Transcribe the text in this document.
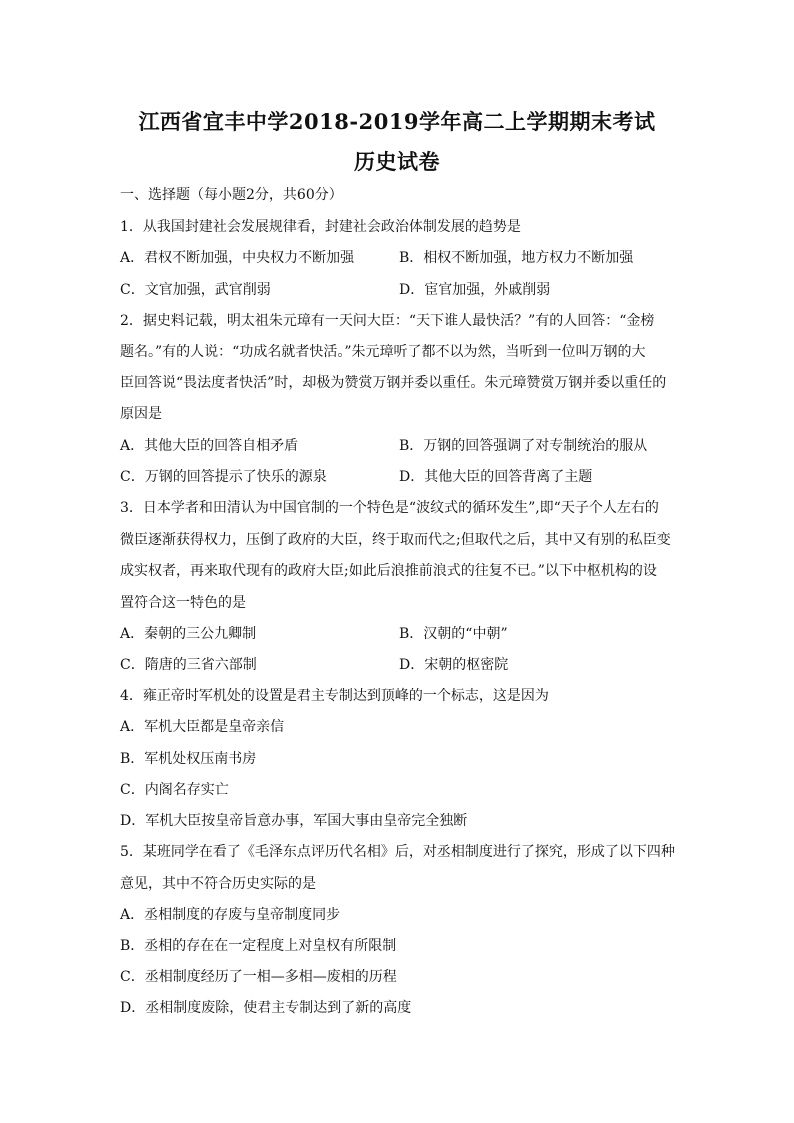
江西省宜丰中学2018-2019学年高二上学期期末考试
历史试卷
一、选择题（每小题2分，共60分）
1．从我国封建社会发展规律看，封建社会政治体制发展的趋势是
A．君权不断加强，中央权力不断加强	B．相权不断加强，地方权力不断加强
C．文官加强，武官削弱	D．宦官加强，外戚削弱
2．据史料记载，明太祖朱元璋有一天问大臣：“天下谁人最快活？”有的人回答：“金榜
题名。”有的人说：“功成名就者快活。”朱元璋听了都不以为然，当听到一位叫万钢的大
臣回答说“畏法度者快活”时，却极为赞赏万钢并委以重任。朱元璋赞赏万钢并委以重任的
原因是
A．其他大臣的回答自相矛盾	B．万钢的回答强调了对专制统治的服从
C．万钢的回答提示了快乐的源泉	D．其他大臣的回答背离了主题
3．日本学者和田清认为中国官制的一个特色是“波纹式的循环发生”,即“天子个人左右的
微臣逐渐获得权力，压倒了政府的大臣，终于取而代之;但取代之后，其中又有别的私臣变
成实权者，再来取代现有的政府大臣;如此后浪推前浪式的往复不已。”以下中枢机构的设
置符合这一特色的是
A．秦朝的三公九卿制	B．汉朝的“中朝”
C．隋唐的三省六部制	D．宋朝的枢密院
4．雍正帝时军机处的设置是君主专制达到顶峰的一个标志，这是因为
A．军机大臣都是皇帝亲信
B．军机处权压南书房
C．内阁名存实亡
D．军机大臣按皇帝旨意办事，军国大事由皇帝完全独断
5．某班同学在看了《毛泽东点评历代名相》后，对丞相制度进行了探究，形成了以下四种
意见，其中不符合历史实际的是
A．丞相制度的存废与皇帝制度同步
B．丞相的存在在一定程度上对皇权有所限制
C．丞相制度经历了一相—多相—废相的历程
D．丞相制度废除，使君主专制达到了新的高度
